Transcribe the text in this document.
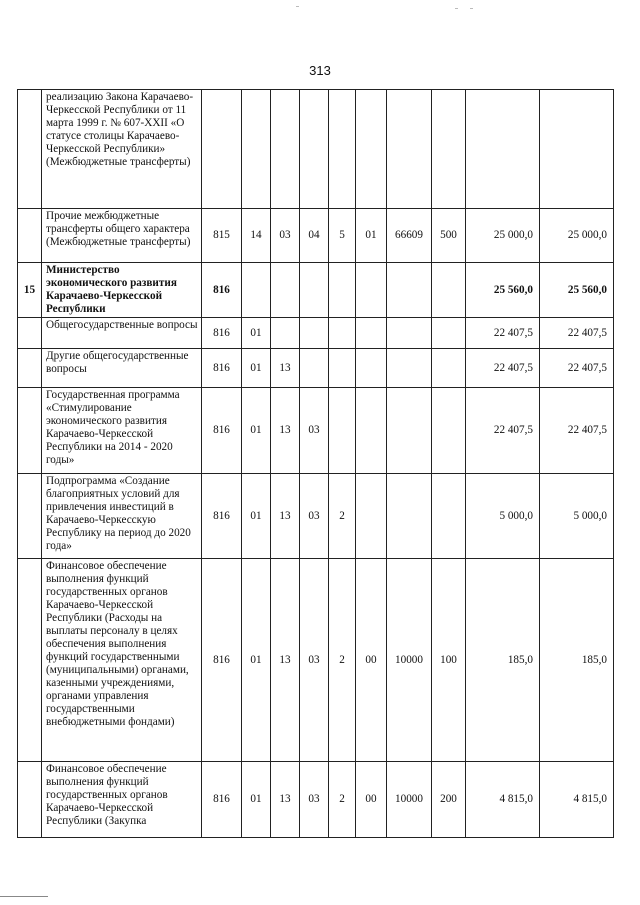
313
	реализацию Закона Карачаево-Черкесской Республики от 11 марта 1999 г. № 607-XXII «О статусе столицы Карачаево-Черкесской Республики» (Межбюджетные трансферты)										
	Прочие межбюджетные трансферты общего характера (Межбюджетные трансферты)	815	14	03	04	5	01	66609	500	25 000,0	25 000,0
15	Министерство экономического развития Карачаево-Черкесской Республики	816								25 560,0	25 560,0
	Общегосударственные вопросы	816	01							22 407,5	22 407,5
	Другие общегосударственные вопросы	816	01	13						22 407,5	22 407,5
	Государственная программа «Стимулирование экономического развития Карачаево-Черкесской Республики на 2014 - 2020 годы»	816	01	13	03					22 407,5	22 407,5
	Подпрограмма «Создание благоприятных условий для привлечения инвестиций в Карачаево-Черкесскую Республику на период до 2020 года»	816	01	13	03	2				5 000,0	5 000,0
	Финансовое обеспечение выполнения функций государственных органов Карачаево-Черкесской Республики (Расходы на выплаты персоналу в целях обеспечения выполнения функций государственными (муниципальными) органами, казенными учреждениями, органами управления государственными внебюджетными фондами)	816	01	13	03	2	00	10000	100	185,0	185,0
	Финансовое обеспечение выполнения функций государственных органов Карачаево-Черкесской Республики (Закупка	816	01	13	03	2	00	10000	200	4 815,0	4 815,0
